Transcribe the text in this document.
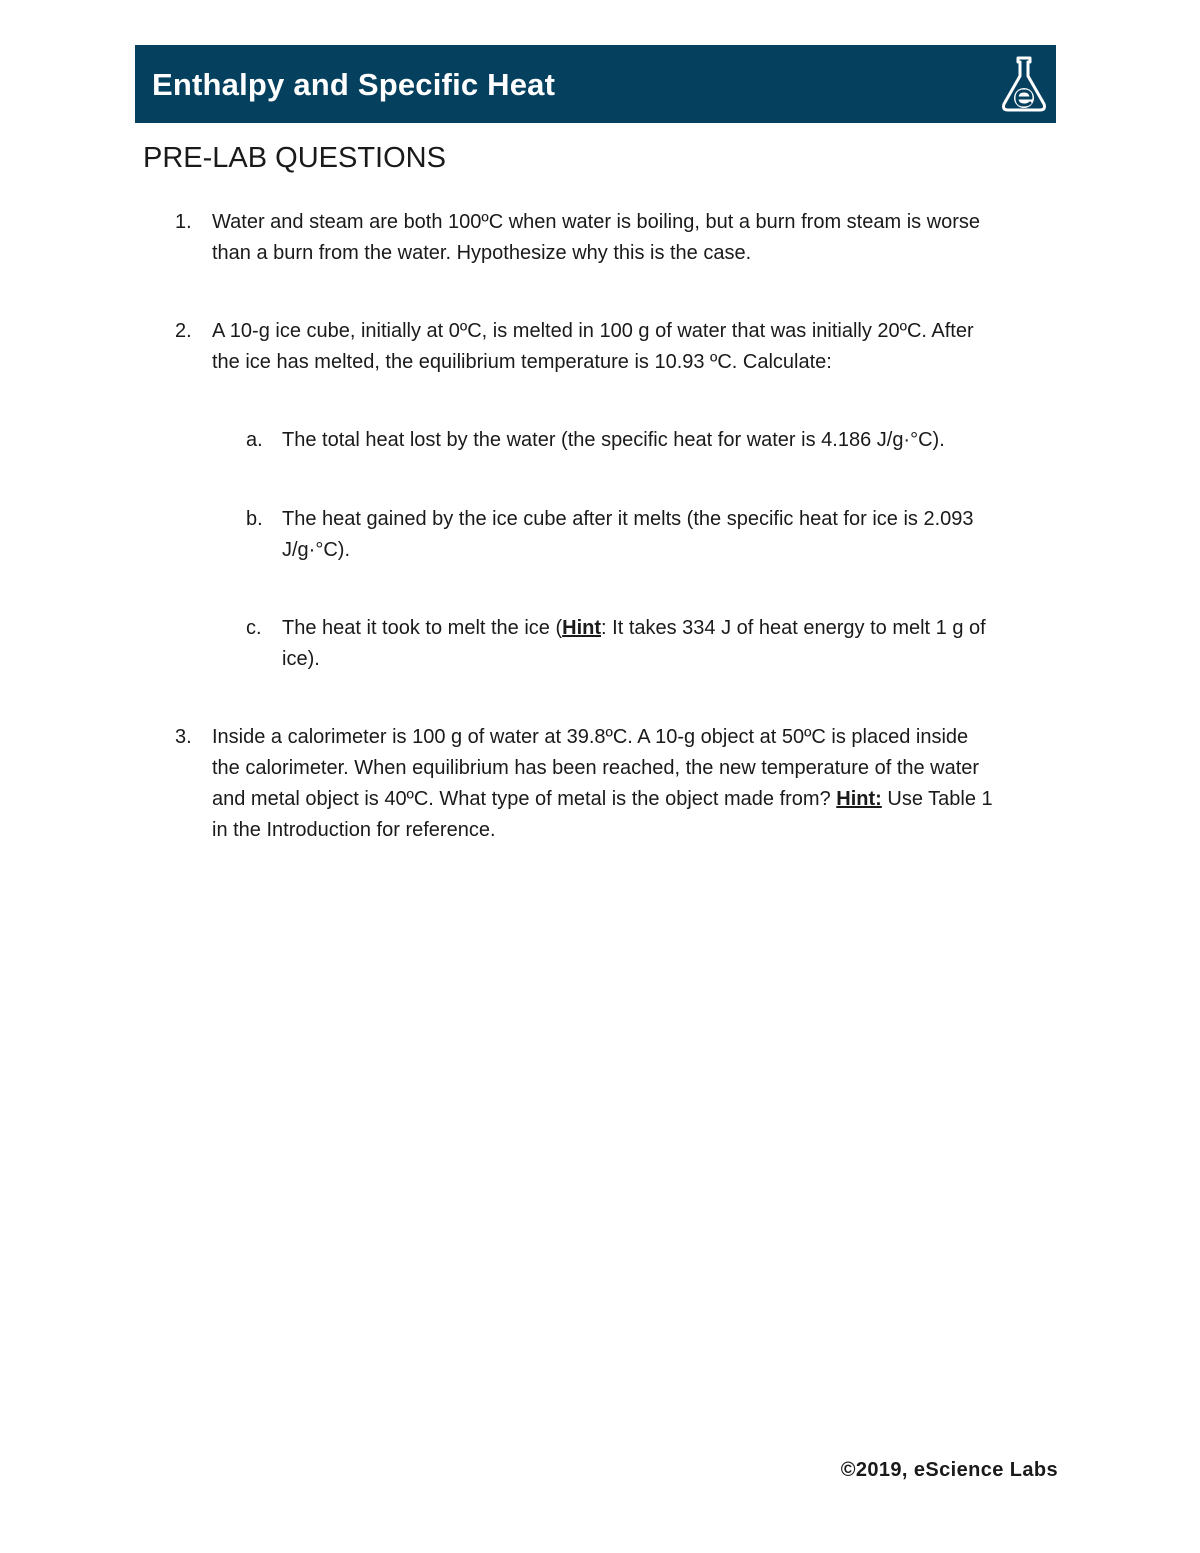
Enthalpy and Specific Heat
PRE-LAB QUESTIONS
1. Water and steam are both 100ºC when water is boiling, but a burn from steam is worse
than a burn from the water. Hypothesize why this is the case.
2. A 10-g ice cube, initially at 0ºC, is melted in 100 g of water that was initially 20ºC. After
the ice has melted, the equilibrium temperature is 10.93 ºC. Calculate:
a. The total heat lost by the water (the specific heat for water is 4.186 J/g·°C).
b. The heat gained by the ice cube after it melts (the specific heat for ice is 2.093
J/g·°C).
c. The heat it took to melt the ice (Hint: It takes 334 J of heat energy to melt 1 g of
ice).
3. Inside a calorimeter is 100 g of water at 39.8ºC. A 10-g object at 50ºC is placed inside
the calorimeter. When equilibrium has been reached, the new temperature of the water
and metal object is 40ºC. What type of metal is the object made from? Hint: Use Table 1
in the Introduction for reference.
©2019, eScience Labs
